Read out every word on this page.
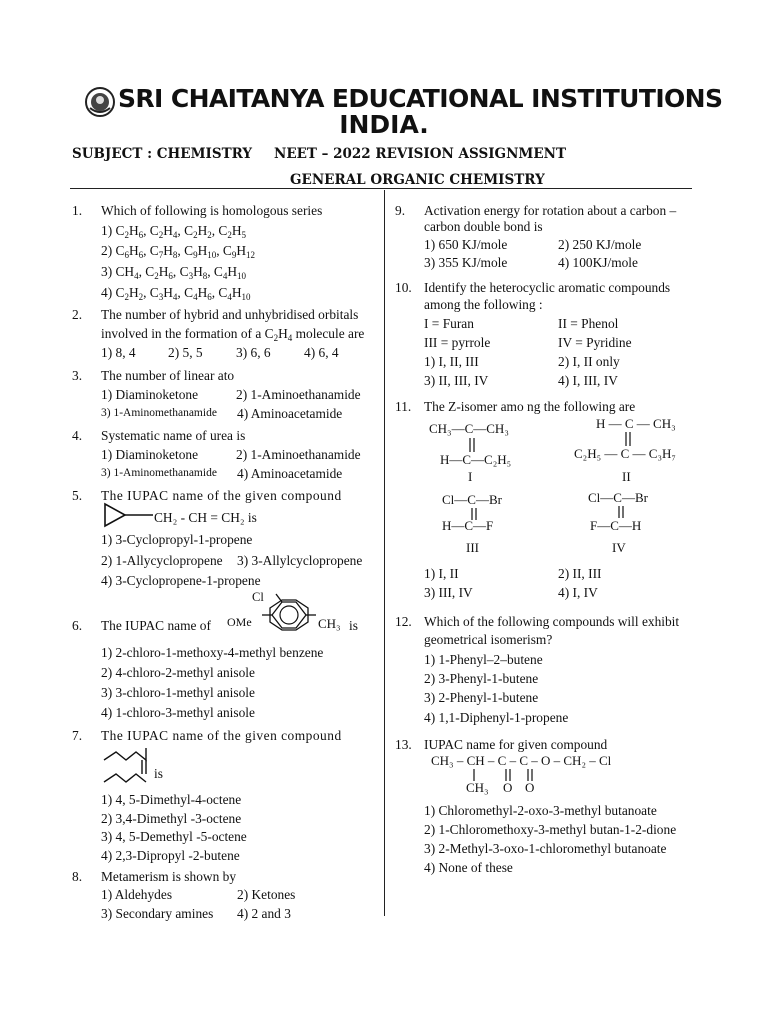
SRI CHAITANYA EDUCATIONAL INSTITUTIONS
INDIA.
SUBJECT : CHEMISTRY NEET – 2022 REVISION ASSIGNMENT
GENERAL ORGANIC CHEMISTRY
1. Which of following is homologous series
1) $C_2H_6$, $C_2H_4$, $C_2H_2$, $C_2H_5$
2) $C_6H_6$, $C_7H_8$, $C_9H_{10}$, $C_9H_{12}$
3) $CH_4$, $C_2H_6$, $C_3H_8$, $C_4H_{10}$
4) $C_2H_2$, $C_3H_4$, $C_4H_6$, $C_4H_{10}$
2. The number of hybrid and unhybridised orbitals
involved in the formation of a $C_2H_4$ molecule are
1) 8, 4 2) 5, 5 3) 6, 6 4) 6, 4
3. The number of linear ato
1) Diaminoketone	2) 1-Aminoethanamide
3) 1-Aminomethanamide 4) Aminoacetamide
4. Systematic name of urea is
1) Diaminoketone	2) 1-Aminoethanamide
3) 1-Aminomethanamide 4) Aminoacetamide
5. The IUPAC name of the given compound
CH₂ - CH = CH₂ is
1) 3-Cyclopropyl-1-propene
2) 1-Allycyclopropene 3) 3-Allylcyclopropene
4) 3-Cyclopropene-1-propene
6. The IUPAC name of
Cl
OMe	CH₃ is
1) 2-chloro-1-methoxy-4-methyl benzene
2) 4-chloro-2-methyl anisole
3) 3-chloro-1-methyl anisole
4) 1-chloro-3-methyl anisole
7. The IUPAC name of the given compound
is
1) 4, 5-Dimethyl-4-octene
2) 3,4-Dimethyl -3-octene
3) 4, 5-Demethyl -5-octene
4) 2,3-Dipropyl -2-butene
8. Metamerism is shown by
1) Aldehydes	2) Ketones
3) Secondary amines 4) 2 and 3
9. Activation energy for rotation about a carbon –
carbon double bond is
1) 650 KJ/mole	2) 250 KJ/mole
3) 355 KJ/mole	4) 100KJ/mole
10. Identify the heterocyclic aromatic compounds
among the following :
I = Furan	II = Phenol
III = pyrrole	IV = Pyridine
1) I, II, III	2) I, II only
3) II, III, IV	4) I, III, IV
11. The Z-isomer amo ng the following are
CH₃—C—CH₃
H—C—C₂H₅
I
H — C — CH₃
C₂H₅ — C — C₃H₇
II
Cl—C—Br
H—C—F
III
Cl—C—Br
F—C—H
IV
1) I, II	2) II, III
3) III, IV	4) I, IV
12. Which of the following compounds will exhibit
geometrical isomerism?
1) 1-Phenyl–2–butene
2) 3-Phenyl-1-butene
3) 2-Phenyl-1-butene
4) 1,1-Diphenyl-1-propene
13. IUPAC name for given compound
CH₃ – CH – C – C – O – CH₂ – Cl
CH₃ O O
1) Chloromethyl-2-oxo-3-methyl butanoate
2) 1-Chloromethoxy-3-methyl butan-1-2-dione
3) 2-Methyl-3-oxo-1-chloromethyl butanoate
4) None of these
